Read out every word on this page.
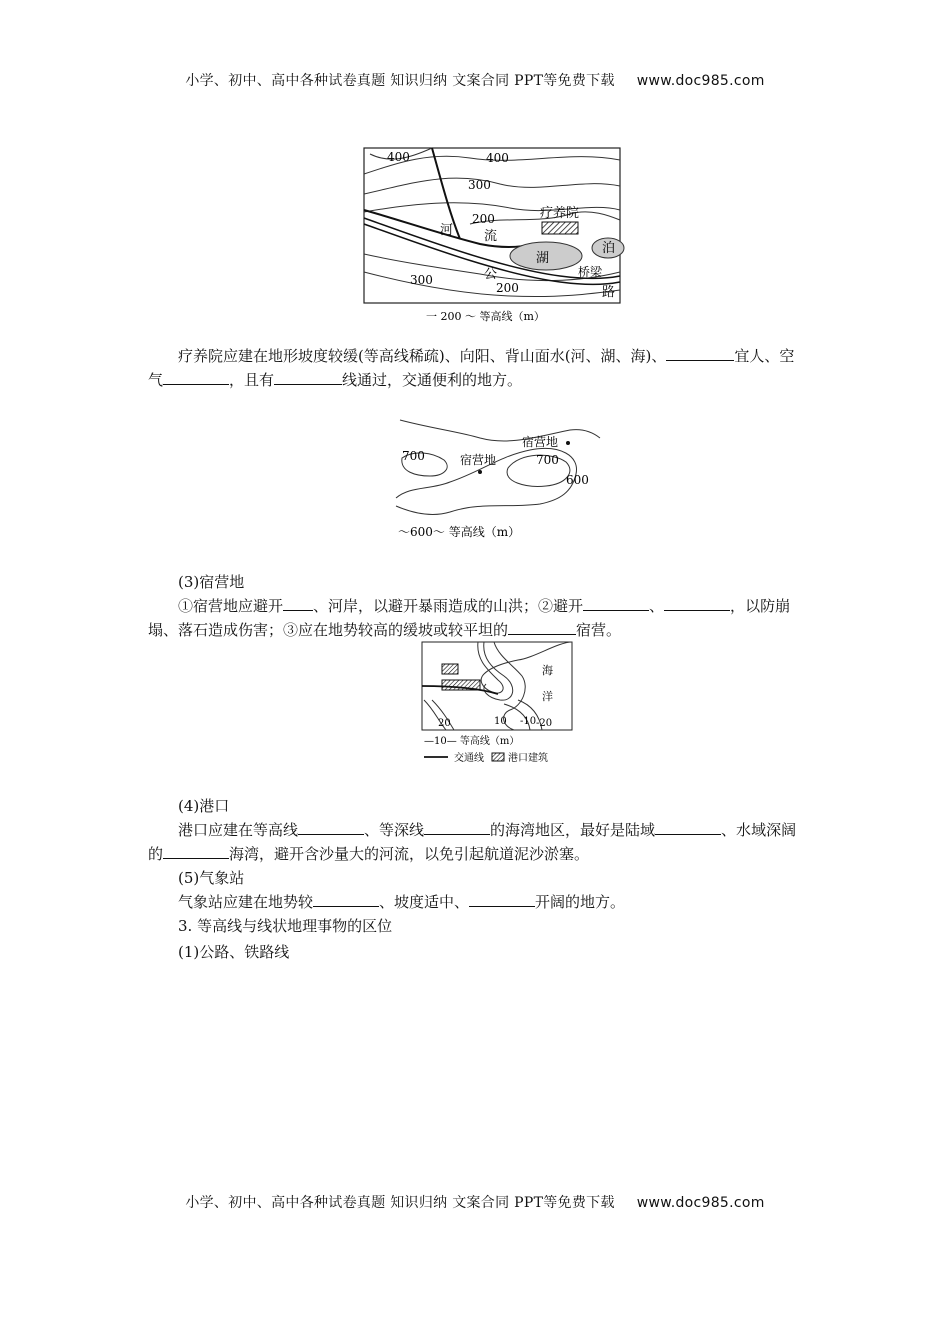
小学、初中、高中各种试卷真题 知识归纳 文案合同 PPT等免费下载 www.doc985.com
400	400
300
200
300
200
疗养院
河 流
湖
泊
桥梁
公
路
一 200 ～ 等高线（m）
疗养院应建在地形坡度较缓(等高线稀疏)、向阳、背山面水(河、湖、海)、	宜人、空气	，且有	线通过，交通便利的地方。
宿营地
宿营地
700	700
600
～600～ 等高线（m）
(3)宿营地
①宿营地应避开 、河岸，以避开暴雨造成的山洪；②避开	、	，以防崩塌、落石造成伤害；③应在地势较高的缓坡或较平坦的	宿营。
海
洋
20	10 -10 -20
—10— 等高线（m）
交通线 港口建筑
(4)港口
港口应建在等高线	、等深线	的海湾地区，最好是陆域	、水域深阔的	海湾，避开含沙量大的河流，以免引起航道泥沙淤塞。
(5)气象站
气象站应建在地势较	、坡度适中、	开阔的地方。
3. 等高线与线状地理事物的区位
(1)公路、铁路线
小学、初中、高中各种试卷真题 知识归纳 文案合同 PPT等免费下载 www.doc985.com
